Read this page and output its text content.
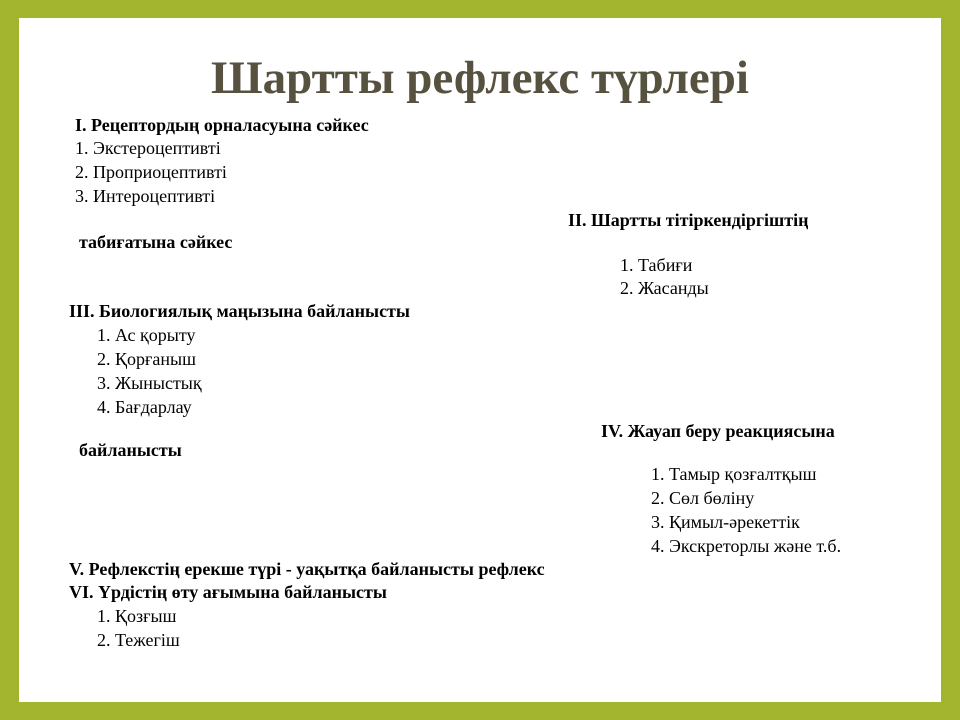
Шартты рефлекс түрлері
І. Рецептордың орналасуына сәйкес
1. Экстероцептивті
2. Проприоцептивті
3. Интероцептивті
ІІ. Шартты тітіркендіргіштің
табиғатына сәйкес
1. Табиғи
2. Жасанды
ІІІ. Биологиялық маңызына байланысты
1. Ас қорыту
2. Қорғаныш
3. Жыныстық
4. Бағдарлау
ІV. Жауап беру реакциясына
байланысты
1. Тамыр қозғалтқыш
2. Сөл бөліну
3. Қимыл-әрекеттік
4. Экскреторлы және т.б.
V. Рефлекстің ерекше түрі - уақытқа байланысты рефлекс
VІ. Үрдістің өту ағымына байланысты
1. Қозғыш
2. Тежегіш
